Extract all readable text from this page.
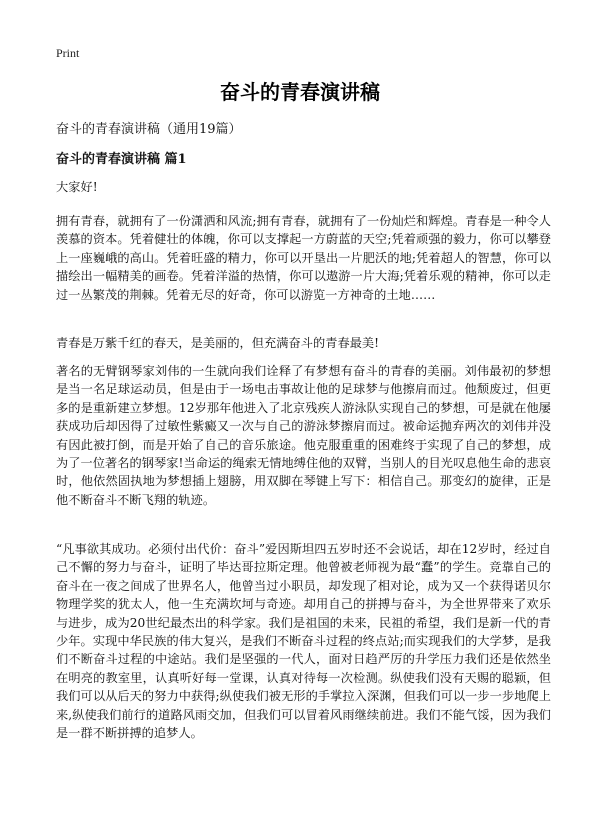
Print
奋斗的青春演讲稿

奋斗的青春演讲稿（通用19篇）

奋斗的青春演讲稿 篇1

大家好!

拥有青春，就拥有了一份潇洒和风流;拥有青春，就拥有了一份灿烂和辉煌。青春是一种令人羡慕的资本。凭着健壮的体魄，你可以支撑起一方蔚蓝的天空;凭着顽强的毅力，你可以攀登上一座巍峨的高山。凭着旺盛的精力，你可以开垦出一片肥沃的地;凭着超人的智慧，你可以描绘出一幅精美的画卷。凭着洋溢的热情，你可以遨游一片大海;凭着乐观的精神，你可以走过一丛繁茂的荆棘。凭着无尽的好奇，你可以游览一方神奇的土地……

青春是万紫千红的春天，是美丽的，但充满奋斗的青春最美!

著名的无臂钢琴家刘伟的一生就向我们诠释了有梦想有奋斗的青春的美丽。刘伟最初的梦想是当一名足球运动员，但是由于一场电击事故让他的足球梦与他擦肩而过。他颓废过，但更多的是重新建立梦想。12岁那年他进入了北京残疾人游泳队实现自己的梦想，可是就在他屡获成功后却因得了过敏性紫癜又一次与自己的游泳梦擦肩而过。被命运抛弃两次的刘伟并没有因此被打倒，而是开始了自己的音乐旅途。他克服重重的困难终于实现了自己的梦想，成为了一位著名的钢琴家!当命运的绳索无情地缚住他的双臂，当别人的目光叹息他生命的悲哀时，他依然固执地为梦想插上翅膀，用双脚在琴键上写下：相信自己。那变幻的旋律，正是他不断奋斗不断飞翔的轨迹。

“凡事欲其成功。必须付出代价：奋斗”爱因斯坦四五岁时还不会说话，却在12岁时，经过自己不懈的努力与奋斗，证明了毕达哥拉斯定理。他曾被老师视为最“蠢”的学生。竞靠自己的奋斗在一夜之间成了世界名人，他曾当过小职员，却发现了相对论，成为又一个获得诺贝尔物理学奖的犹太人，他一生充满坎坷与奇迹。却用自己的拼搏与奋斗，为全世界带来了欢乐与进步，成为20世纪最杰出的科学家。我们是祖国的未来，民祖的希望，我们是新一代的青少年。实现中华民族的伟大复兴，是我们不断奋斗过程的终点站;而实现我们的大学梦，是我们不断奋斗过程的中途站。我们是坚强的一代人，面对日趋严厉的升学压力我们还是依然坐在明亮的教室里，认真听好每一堂课，认真对待每一次检测。纵使我们没有天赐的聪颖，但我们可以从后天的努力中获得;纵使我们被无形的手掌拉入深渊，但我们可以一步一步地爬上来,纵使我们前行的道路风雨交加，但我们可以冒着风雨继续前进。我们不能气馁，因为我们是一群不断拼搏的追梦人。
